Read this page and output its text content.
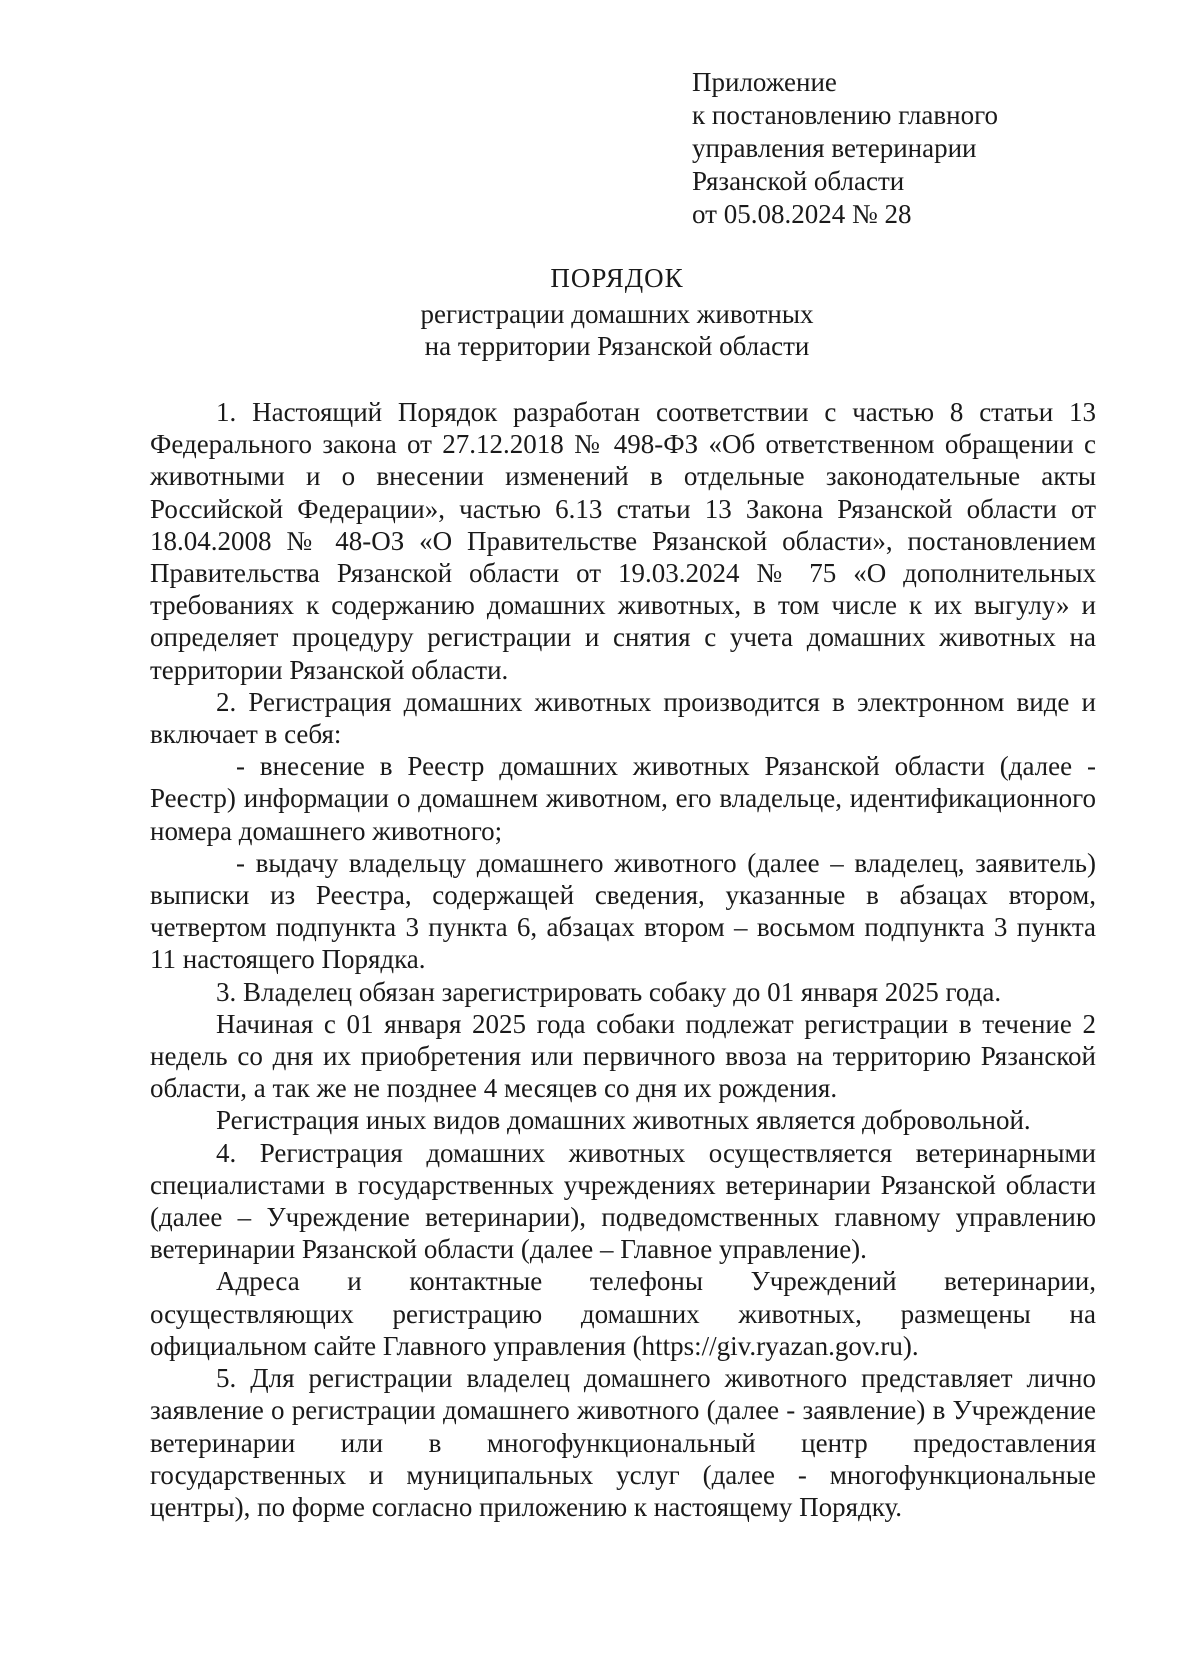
Приложение
к постановлению главного
управления ветеринарии
Рязанской области
от 05.08.2024 № 28
ПОРЯДОК
регистрации домашних животных
на территории Рязанской области

1. Настоящий Порядок разработан соответствии с частью 8 статьи 13 Федерального закона от 27.12.2018 № 498-ФЗ «Об ответственном обращении с животными и о внесении изменений в отдельные законодательные акты Российской Федерации», частью 6.13 статьи 13 Закона Рязанской области от 18.04.2008 № 48-ОЗ «О Правительстве Рязанской области», постановлением Правительства Рязанской области от 19.03.2024 № 75 «О дополнительных требованиях к содержанию домашних животных, в том числе к их выгулу» и определяет процедуру регистрации и снятия с учета домашних животных на территории Рязанской области.

2. Регистрация домашних животных производится в электронном виде и включает в себя:

- внесение в Реестр домашних животных Рязанской области (далее - Реестр) информации о домашнем животном, его владельце, идентификационного номера домашнего животного;

- выдачу владельцу домашнего животного (далее – владелец, заявитель) выписки из Реестра, содержащей сведения, указанные в абзацах втором, четвертом подпункта 3 пункта 6, абзацах втором – восьмом подпункта 3 пункта 11 настоящего Порядка.

3. Владелец обязан зарегистрировать собаку до 01 января 2025 года.

Начиная с 01 января 2025 года собаки подлежат регистрации в течение 2 недель со дня их приобретения или первичного ввоза на территорию Рязанской области, а так же не позднее 4 месяцев со дня их рождения.

Регистрация иных видов домашних животных является добровольной.

4. Регистрация домашних животных осуществляется ветеринарными специалистами в государственных учреждениях ветеринарии Рязанской области (далее – Учреждение ветеринарии), подведомственных главному управлению ветеринарии Рязанской области (далее – Главное управление).

Адреса и контактные телефоны Учреждений ветеринарии, осуществляющих регистрацию домашних животных, размещены на официальном сайте Главного управления (https://giv.ryazan.gov.ru).

5. Для регистрации владелец домашнего животного представляет лично заявление о регистрации домашнего животного (далее - заявление) в Учреждение ветеринарии или в многофункциональный центр предоставления государственных и муниципальных услуг (далее - многофункциональные центры), по форме согласно приложению к настоящему Порядку.
